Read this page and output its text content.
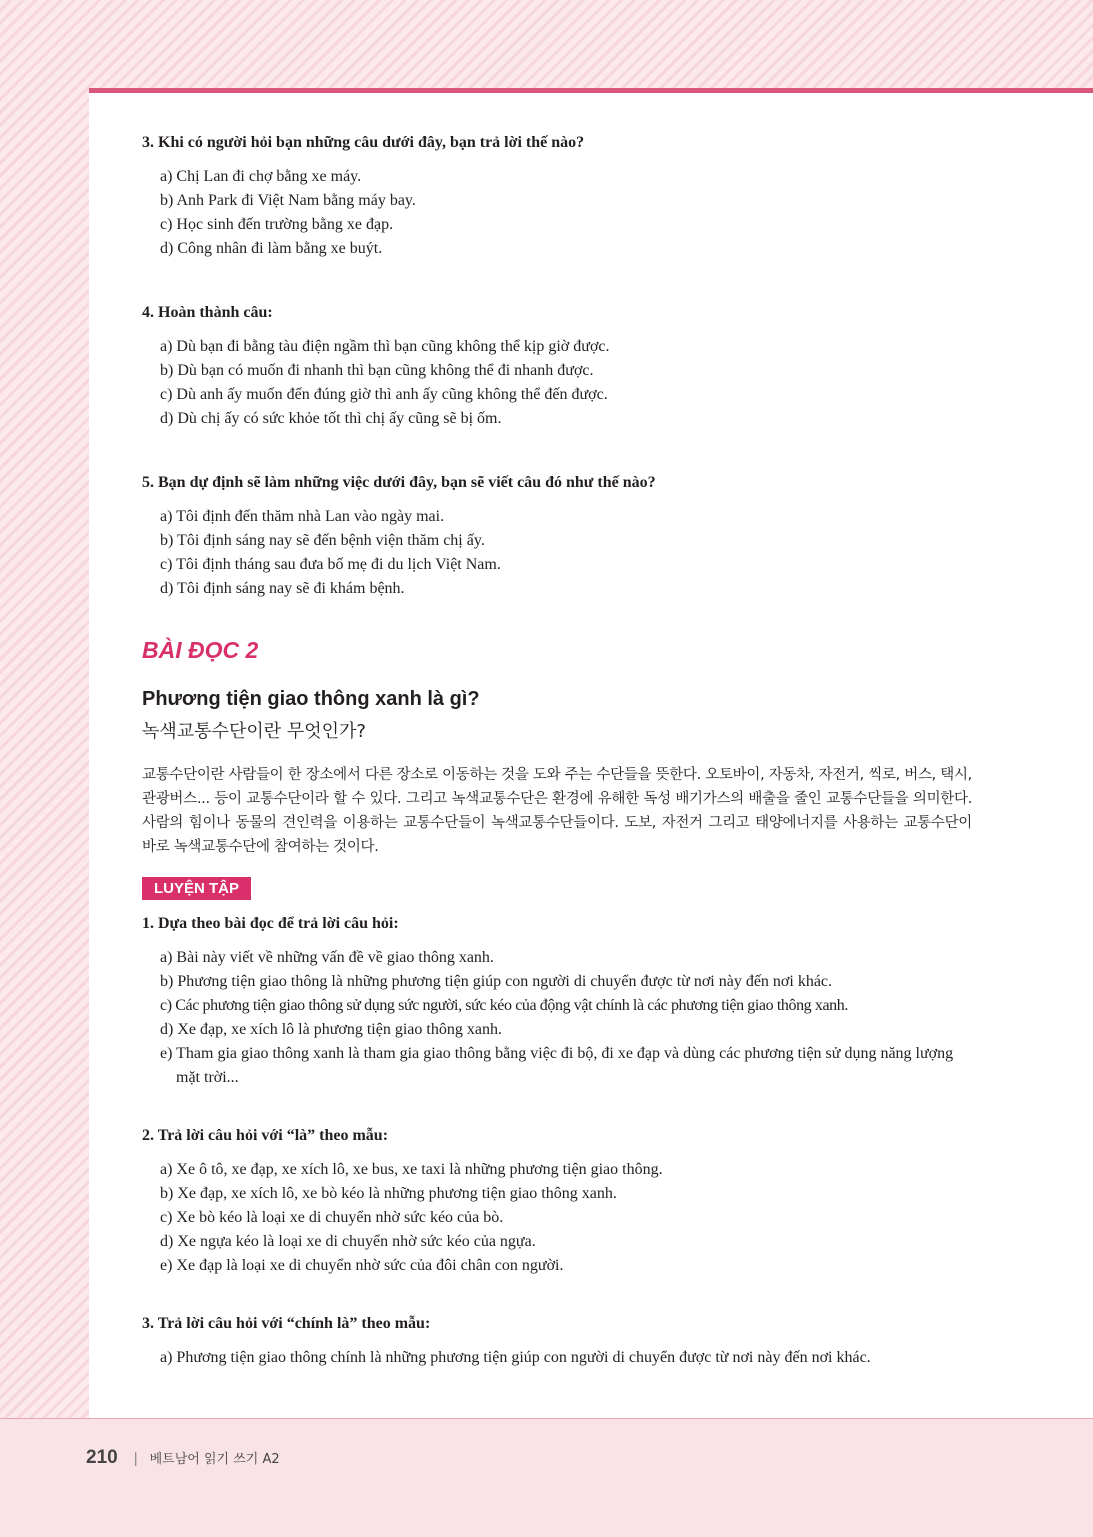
3. Khi có người hỏi bạn những câu dưới đây, bạn trả lời thế nào?

a) Chị Lan đi chợ bằng xe máy.
b) Anh Park đi Việt Nam bằng máy bay.
c) Học sinh đến trường bằng xe đạp.
d) Công nhân đi làm bằng xe buýt.

4. Hoàn thành câu:

a) Dù bạn đi bằng tàu điện ngầm thì bạn cũng không thể kịp giờ được.
b) Dù bạn có muốn đi nhanh thì bạn cũng không thể đi nhanh được.
c) Dù anh ấy muốn đến đúng giờ thì anh ấy cũng không thể đến được.
d) Dù chị ấy có sức khỏe tốt thì chị ấy cũng sẽ bị ốm.

5. Bạn dự định sẽ làm những việc dưới đây, bạn sẽ viết câu đó như thế nào?

a) Tôi định đến thăm nhà Lan vào ngày mai.
b) Tôi định sáng nay sẽ đến bệnh viện thăm chị ấy.
c) Tôi định tháng sau đưa bố mẹ đi du lịch Việt Nam.
d) Tôi định sáng nay sẽ đi khám bệnh.

BÀI ĐỌC 2

Phương tiện giao thông xanh là gì?

녹색교통수단이란 무엇인가?

교통수단이란 사람들이 한 장소에서 다른 장소로 이동하는 것을 도와 주는 수단들을 뜻한다. 오토바이, 자동차, 자전거, 씩로, 버스, 택시, 관광버스... 등이 교통수단이라 할 수 있다. 그리고 녹색교통수단은 환경에 유해한 독성 배기가스의 배출을 줄인 교통수단들을 의미한다. 사람의 힘이나 동물의 견인력을 이용하는 교통수단들이 녹색교통수단들이다. 도보, 자전거 그리고 태양에너지를 사용하는 교통수단이 바로 녹색교통수단에 참여하는 것이다.

LUYỆN TẬP

1. Dựa theo bài đọc để trả lời câu hỏi:

a) Bài này viết về những vấn đề về giao thông xanh.
b) Phương tiện giao thông là những phương tiện giúp con người di chuyển được từ nơi này đến nơi khác.
c) Các phương tiện giao thông sử dụng sức người, sức kéo của động vật chính là các phương tiện giao thông xanh.
d) Xe đạp, xe xích lô là phương tiện giao thông xanh.
e) Tham gia giao thông xanh là tham gia giao thông bằng việc đi bộ, đi xe đạp và dùng các phương tiện sử dụng năng lượng mặt trời...

2. Trả lời câu hỏi với “là” theo mẫu:

a) Xe ô tô, xe đạp, xe xích lô, xe bus, xe taxi là những phương tiện giao thông.
b) Xe đạp, xe xích lô, xe bò kéo là những phương tiện giao thông xanh.
c) Xe bò kéo là loại xe di chuyển nhờ sức kéo của bò.
d) Xe ngựa kéo là loại xe di chuyển nhờ sức kéo của ngựa.
e) Xe đạp là loại xe di chuyển nhờ sức của đôi chân con người.

3. Trả lời câu hỏi với “chính là” theo mẫu:

a) Phương tiện giao thông chính là những phương tiện giúp con người di chuyển được từ nơi này đến nơi khác.
210 | 베트남어 읽기 쓰기 A2
